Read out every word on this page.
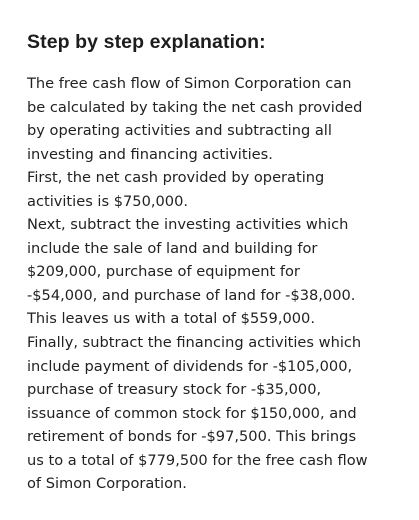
Step by step explanation:
The free cash flow of Simon Corporation can
be calculated by taking the net cash provided
by operating activities and subtracting all
investing and financing activities.
First, the net cash provided by operating
activities is $750,000.
Next, subtract the investing activities which
include the sale of land and building for
$209,000, purchase of equipment for
-$54,000, and purchase of land for -$38,000.
This leaves us with a total of $559,000.
Finally, subtract the financing activities which
include payment of dividends for -$105,000,
purchase of treasury stock for -$35,000,
issuance of common stock for $150,000, and
retirement of bonds for -$97,500. This brings
us to a total of $779,500 for the free cash flow
of Simon Corporation.
